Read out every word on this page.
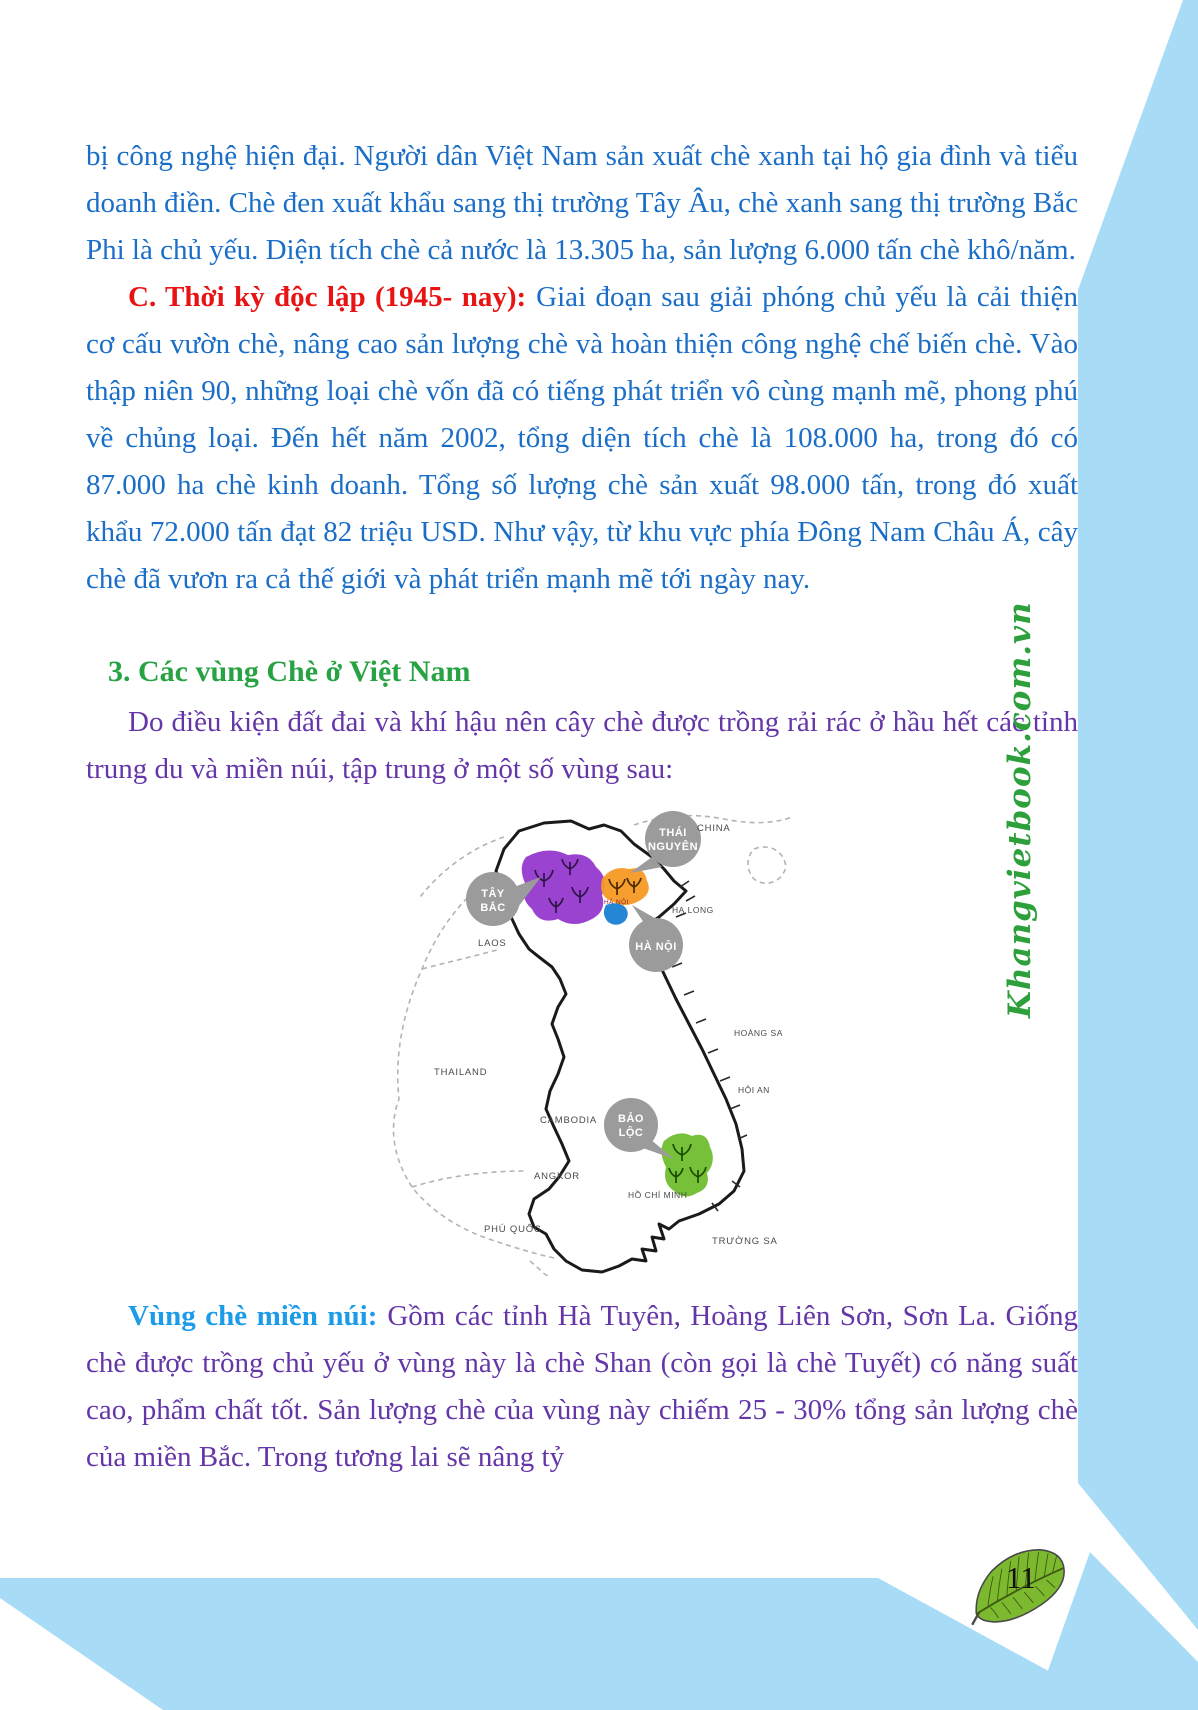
bị công nghệ hiện đại. Người dân Việt Nam sản xuất chè xanh tại hộ gia đình và tiểu doanh điền. Chè đen xuất khẩu sang thị trường Tây Âu, chè xanh sang thị trường Bắc Phi là chủ yếu. Diện tích chè cả nước là 13.305 ha, sản lượng 6.000 tấn chè khô/năm.

C. Thời kỳ độc lập (1945- nay): Giai đoạn sau giải phóng chủ yếu là cải thiện cơ cấu vườn chè, nâng cao sản lượng chè và hoàn thiện công nghệ chế biến chè. Vào thập niên 90, những loại chè vốn đã có tiếng phát triển vô cùng mạnh mẽ, phong phú về chủng loại. Đến hết năm 2002, tổng diện tích chè là 108.000 ha, trong đó có 87.000 ha chè kinh doanh. Tổng số lượng chè sản xuất 98.000 tấn, trong đó xuất khẩu 72.000 tấn đạt 82 triệu USD. Như vậy, từ khu vực phía Đông Nam Châu Á, cây chè đã vươn ra cả thế giới và phát triển mạnh mẽ tới ngày nay.

3. Các vùng Chè ở Việt Nam

Do điều kiện đất đai và khí hậu nên cây chè được trồng rải rác ở hầu hết các tỉnh trung du và miền núi, tập trung ở một số vùng sau:

THÁI
NGUYÊN
TÂY
BẮC
HÀ NỘI
BẢO
LỘC
HÀ NỘI
CHINA
LAOS
HẠ LONG
HOÀNG SA
THAILAND
HỘI AN
CAMBODIA
ANGKOR
HỒ CHÍ MINH
PHÚ QUỐC
TRƯỜNG SA

Vùng chè miền núi: Gồm các tỉnh Hà Tuyên, Hoàng Liên Sơn, Sơn La. Giống chè được trồng chủ yếu ở vùng này là chè Shan (còn gọi là chè Tuyết) có năng suất cao, phẩm chất tốt. Sản lượng chè của vùng này chiếm 25 - 30% tổng sản lượng chè của miền Bắc. Trong tương lai sẽ nâng tỷ

Khangvietbook.com.vn
11
